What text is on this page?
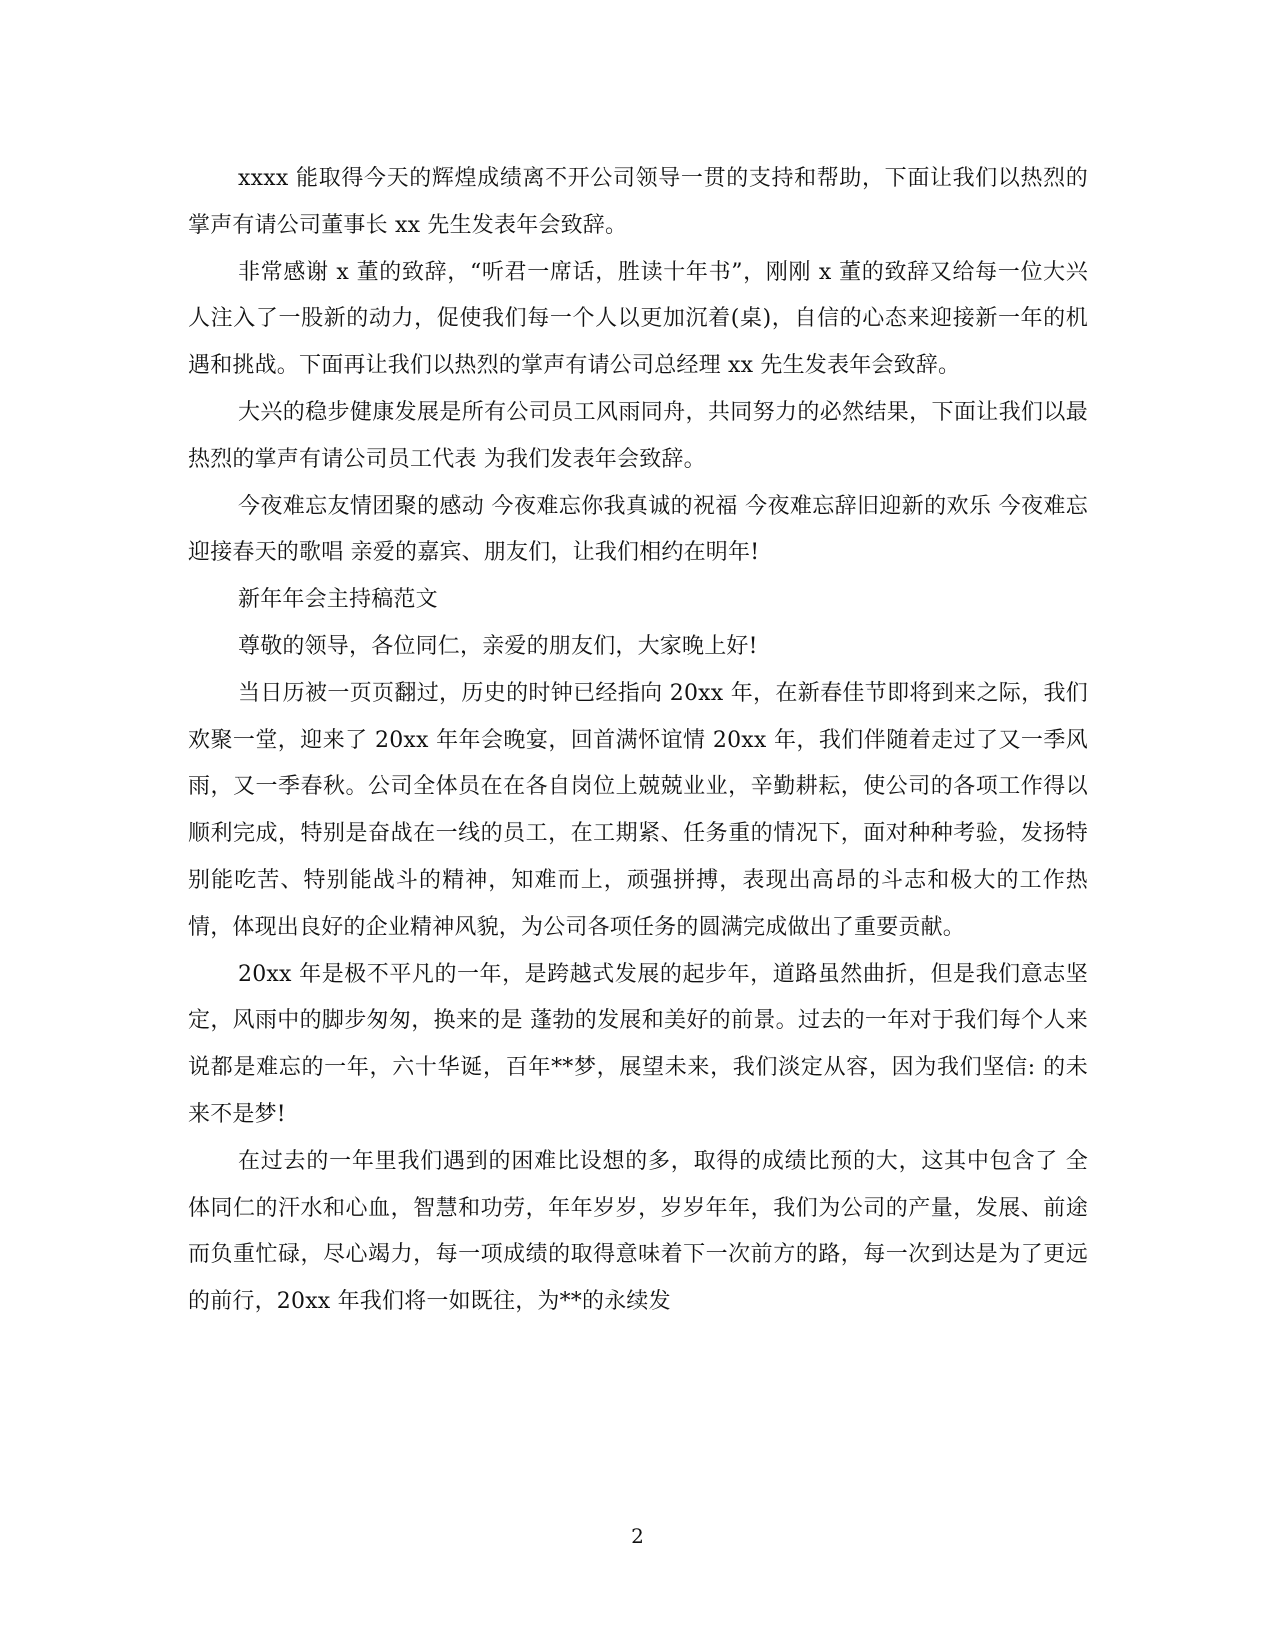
xxxx 能取得今天的辉煌成绩离不开公司领导一贯的支持和帮助，下面让我们以热烈的掌声有请公司董事长 xx 先生发表年会致辞。

非常感谢 x 董的致辞，“听君一席话，胜读十年书”，刚刚 x 董的致辞又给每一位大兴人注入了一股新的动力，促使我们每一个人以更加沉着(桌)，自信的心态来迎接新一年的机遇和挑战。下面再让我们以热烈的掌声有请公司总经理 xx 先生发表年会致辞。

大兴的稳步健康发展是所有公司员工风雨同舟，共同努力的必然结果，下面让我们以最热烈的掌声有请公司员工代表 为我们发表年会致辞。

今夜难忘友情团聚的感动 今夜难忘你我真诚的祝福 今夜难忘辞旧迎新的欢乐 今夜难忘迎接春天的歌唱 亲爱的嘉宾、朋友们，让我们相约在明年!

新年年会主持稿范文

尊敬的领导，各位同仁，亲爱的朋友们，大家晚上好!

当日历被一页页翻过，历史的时钟已经指向 20xx 年，在新春佳节即将到来之际，我们欢聚一堂，迎来了 20xx 年年会晚宴，回首满怀谊情 20xx 年，我们伴随着走过了又一季风雨，又一季春秋。公司全体员在在各自岗位上兢兢业业，辛勤耕耘，使公司的各项工作得以顺利完成，特别是奋战在一线的员工，在工期紧、任务重的情况下，面对种种考验，发扬特别能吃苦、特别能战斗的精神，知难而上，顽强拼搏，表现出高昂的斗志和极大的工作热情，体现出良好的企业精神风貌，为公司各项任务的圆满完成做出了重要贡献。

20xx 年是极不平凡的一年，是跨越式发展的起步年，道路虽然曲折，但是我们意志坚定，风雨中的脚步匆匆，换来的是 蓬勃的发展和美好的前景。过去的一年对于我们每个人来说都是难忘的一年，六十华诞，百年**梦，展望未来，我们淡定从容，因为我们坚信: 的未来不是梦!

在过去的一年里我们遇到的困难比设想的多，取得的成绩比预的大，这其中包含了 全体同仁的汗水和心血，智慧和功劳，年年岁岁，岁岁年年，我们为公司的产量，发展、前途而负重忙碌，尽心竭力，每一项成绩的取得意味着下一次前方的路，每一次到达是为了更远的前行，20xx 年我们将一如既往，为**的永续发

2
